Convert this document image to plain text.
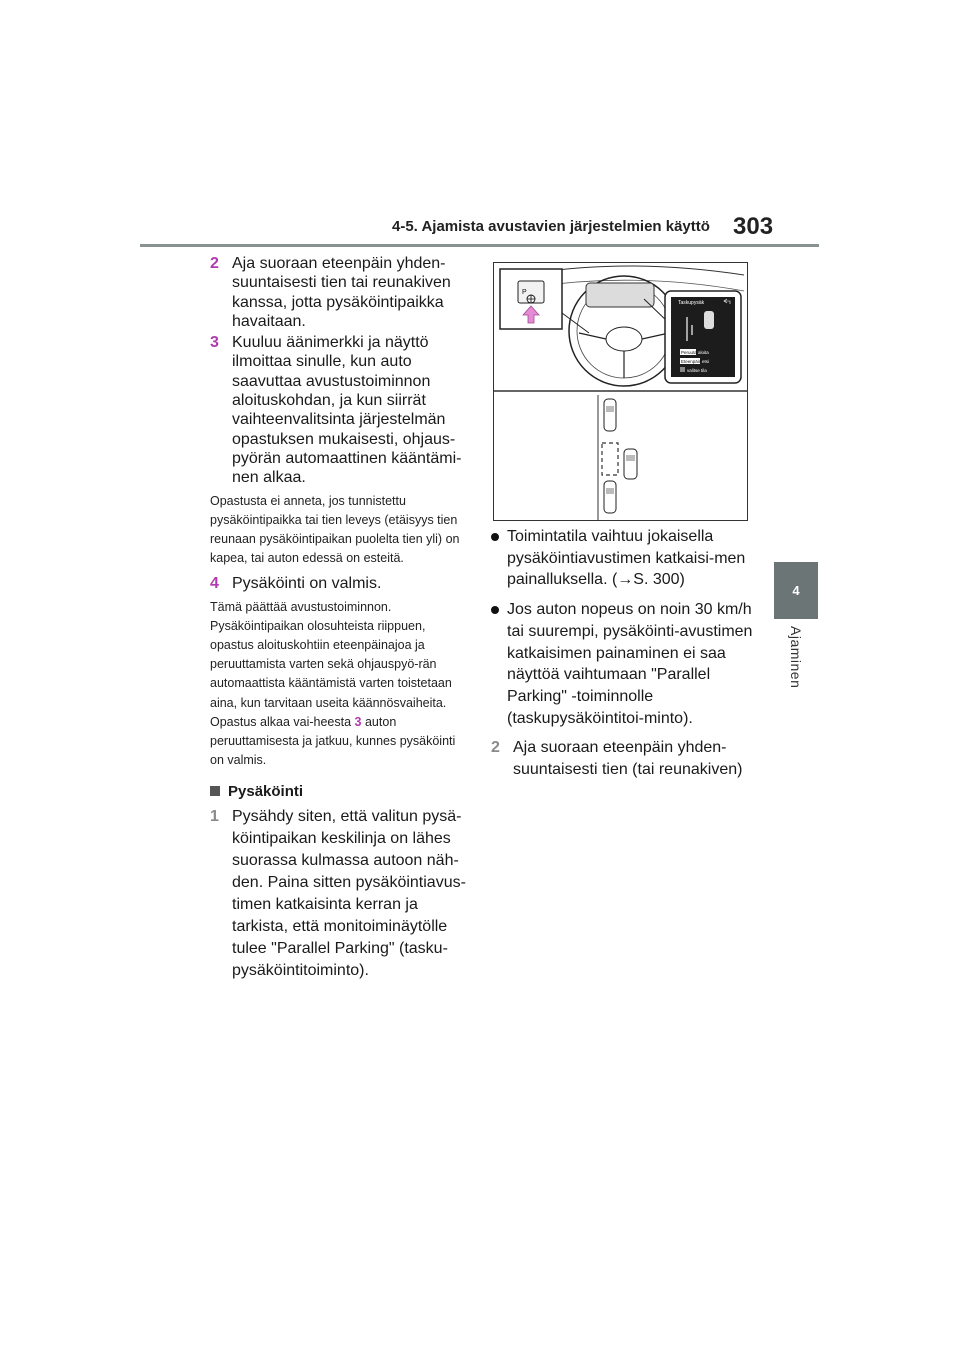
4-5. Ajamista avustavien järjestelmien käyttö 303
4
Ajaminen
2 Aja suoraan eteenpäin yhden-suuntaisesti tien tai reunakiven kanssa, jotta pysäköintipaikka havaitaan.
3 Kuuluu äänimerkki ja näyttö ilmoittaa sinulle, kun auto saavuttaa avustustoiminnon aloituskohdan, ja kun siirrät vaihteenvalitsinta järjestelmän opastuksen mukaisesti, ohjaus-pyörän automaattinen kääntämi-nen alkaa.
Opastusta ei anneta, jos tunnistettu pysäköintipaikka tai tien leveys (etäisyys tien reunaan pysäköintipaikan puolelta tien yli) on kapea, tai auton edessä on esteitä.
4 Pysäköinti on valmis.
Tämä päättää avustustoiminnon. Pysäköintipaikan olosuhteista riippuen, opastus aloituskohtiin eteenpäinajoa ja peruuttamista varten sekä ohjauspyö-rän automaattista kääntämistä varten toistetaan aina, kun tarvitaan useita käännösvaiheita. Opastus alkaa vai-heesta 3 auton peruuttamisesta ja jatkuu, kunnes pysäköinti on valmis.
Pysäköinti
1 Pysähdy siten, että valitun pysä-köintipaikan keskilinja on lähes suorassa kulmassa autoon näh-den. Paina sitten pysäköintiavus-timen katkaisinta kerran ja tarkista, että monitoiminäytölle tulee "Parallel Parking" (tasku-pysäköintitoiminto).
P
Taskupysäk
Peruuta aloita
Eteenpäin etsi
valitse tila
Toimintatila vaihtuu jokaisella pysäköintiavustimen katkaisi-men painalluksella. (→S. 300)
Jos auton nopeus on noin 30 km/h tai suurempi, pysäköinti-avustimen katkaisimen painaminen ei saa näyttöä vaihtumaan "Parallel Parking" -toiminnolle (taskupysäköintitoi-minto).
2 Aja suoraan eteenpäin yhden-suuntaisesti tien (tai reunakiven)
